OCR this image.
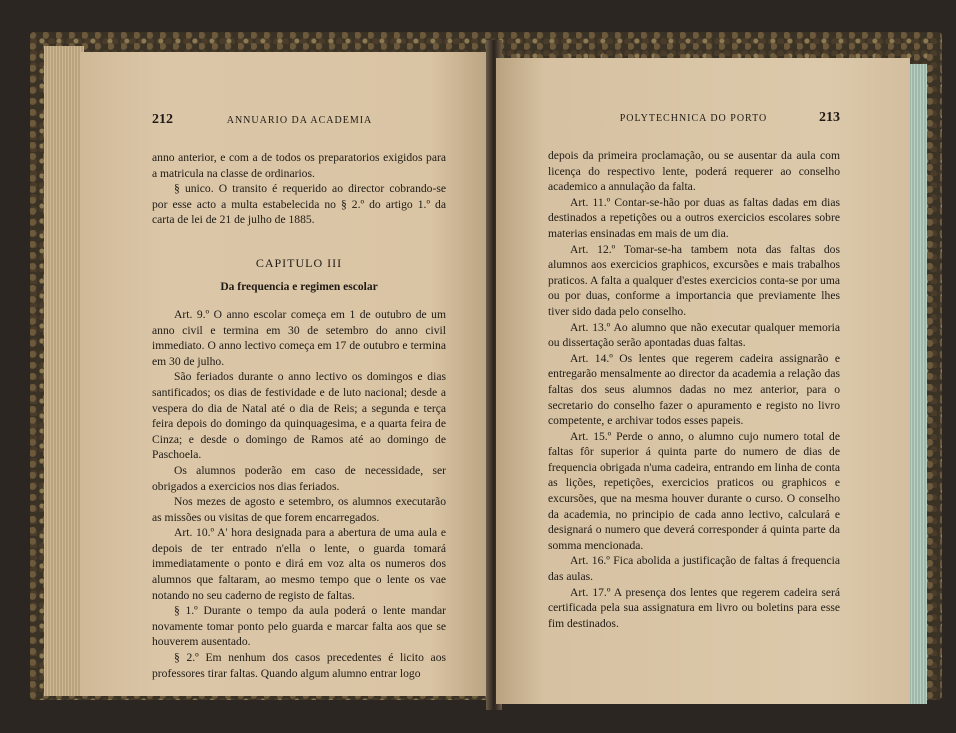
212	ANNUARIO DA ACADEMIA

anno anterior, e com a de todos os preparatorios exigidos para a matricula na classe de ordinarios.

§ unico. O transito é requerido ao director cobrando-se por esse acto a multa estabelecida no § 2.º do artigo 1.º da carta de lei de 21 de julho de 1885.

CAPITULO III
Da frequencia e regimen escolar

Art. 9.º O anno escolar começa em 1 de outubro de um anno civil e termina em 30 de setembro do anno civil immediato. O anno lectivo começa em 17 de outubro e termina em 30 de julho.

São feriados durante o anno lectivo os domingos e dias santificados; os dias de festividade e de luto nacional; desde a vespera do dia de Natal até o dia de Reis; a segunda e terça feira depois do domingo da quinquagesima, e a quarta feira de Cinza; e desde o domingo de Ramos até ao domingo de Paschoela.

Os alumnos poderão em caso de necessidade, ser obrigados a exercicios nos dias feriados.

Nos mezes de agosto e setembro, os alumnos executarão as missões ou visitas de que forem encarregados.

Art. 10.º A' hora designada para a abertura de uma aula e depois de ter entrado n'ella o lente, o guarda tomará immediatamente o ponto e dirá em voz alta os numeros dos alumnos que faltaram, ao mesmo tempo que o lente os vae notando no seu caderno de registo de faltas.

§ 1.º Durante o tempo da aula poderá o lente mandar novamente tomar ponto pelo guarda e marcar falta aos que se houverem ausentado.

§ 2.º Em nenhum dos casos precedentes é licito aos professores tirar faltas. Quando algum alumno entrar logo

POLYTECHNICA DO PORTO	213

depois da primeira proclamação, ou se ausentar da aula com licença do respectivo lente, poderá requerer ao conselho academico a annulação da falta.

Art. 11.º Contar-se-hão por duas as faltas dadas em dias destinados a repetições ou a outros exercicios escolares sobre materias ensinadas em mais de um dia.

Art. 12.º Tomar-se-ha tambem nota das faltas dos alumnos aos exercicios graphicos, excursões e mais trabalhos praticos. A falta a qualquer d'estes exercicios conta-se por uma ou por duas, conforme a importancia que previamente lhes tiver sido dada pelo conselho.

Art. 13.º Ao alumno que não executar qualquer memoria ou dissertação serão apontadas duas faltas.

Art. 14.º Os lentes que regerem cadeira assignarão e entregarão mensalmente ao director da academia a relação das faltas dos seus alumnos dadas no mez anterior, para o secretario do conselho fazer o apuramento e registo no livro competente, e archivar todos esses papeis.

Art. 15.º Perde o anno, o alumno cujo numero total de faltas fôr superior á quinta parte do numero de dias de frequencia obrigada n'uma cadeira, entrando em linha de conta as lições, repetições, exercicios praticos ou graphicos e excursões, que na mesma houver durante o curso. O conselho da academia, no principio de cada anno lectivo, calculará e designará o numero que deverá corresponder á quinta parte da somma mencionada.

Art. 16.º Fica abolida a justificação de faltas á frequencia das aulas.

Art. 17.º A presença dos lentes que regerem cadeira será certificada pela sua assignatura em livro ou boletins para esse fim destinados.
